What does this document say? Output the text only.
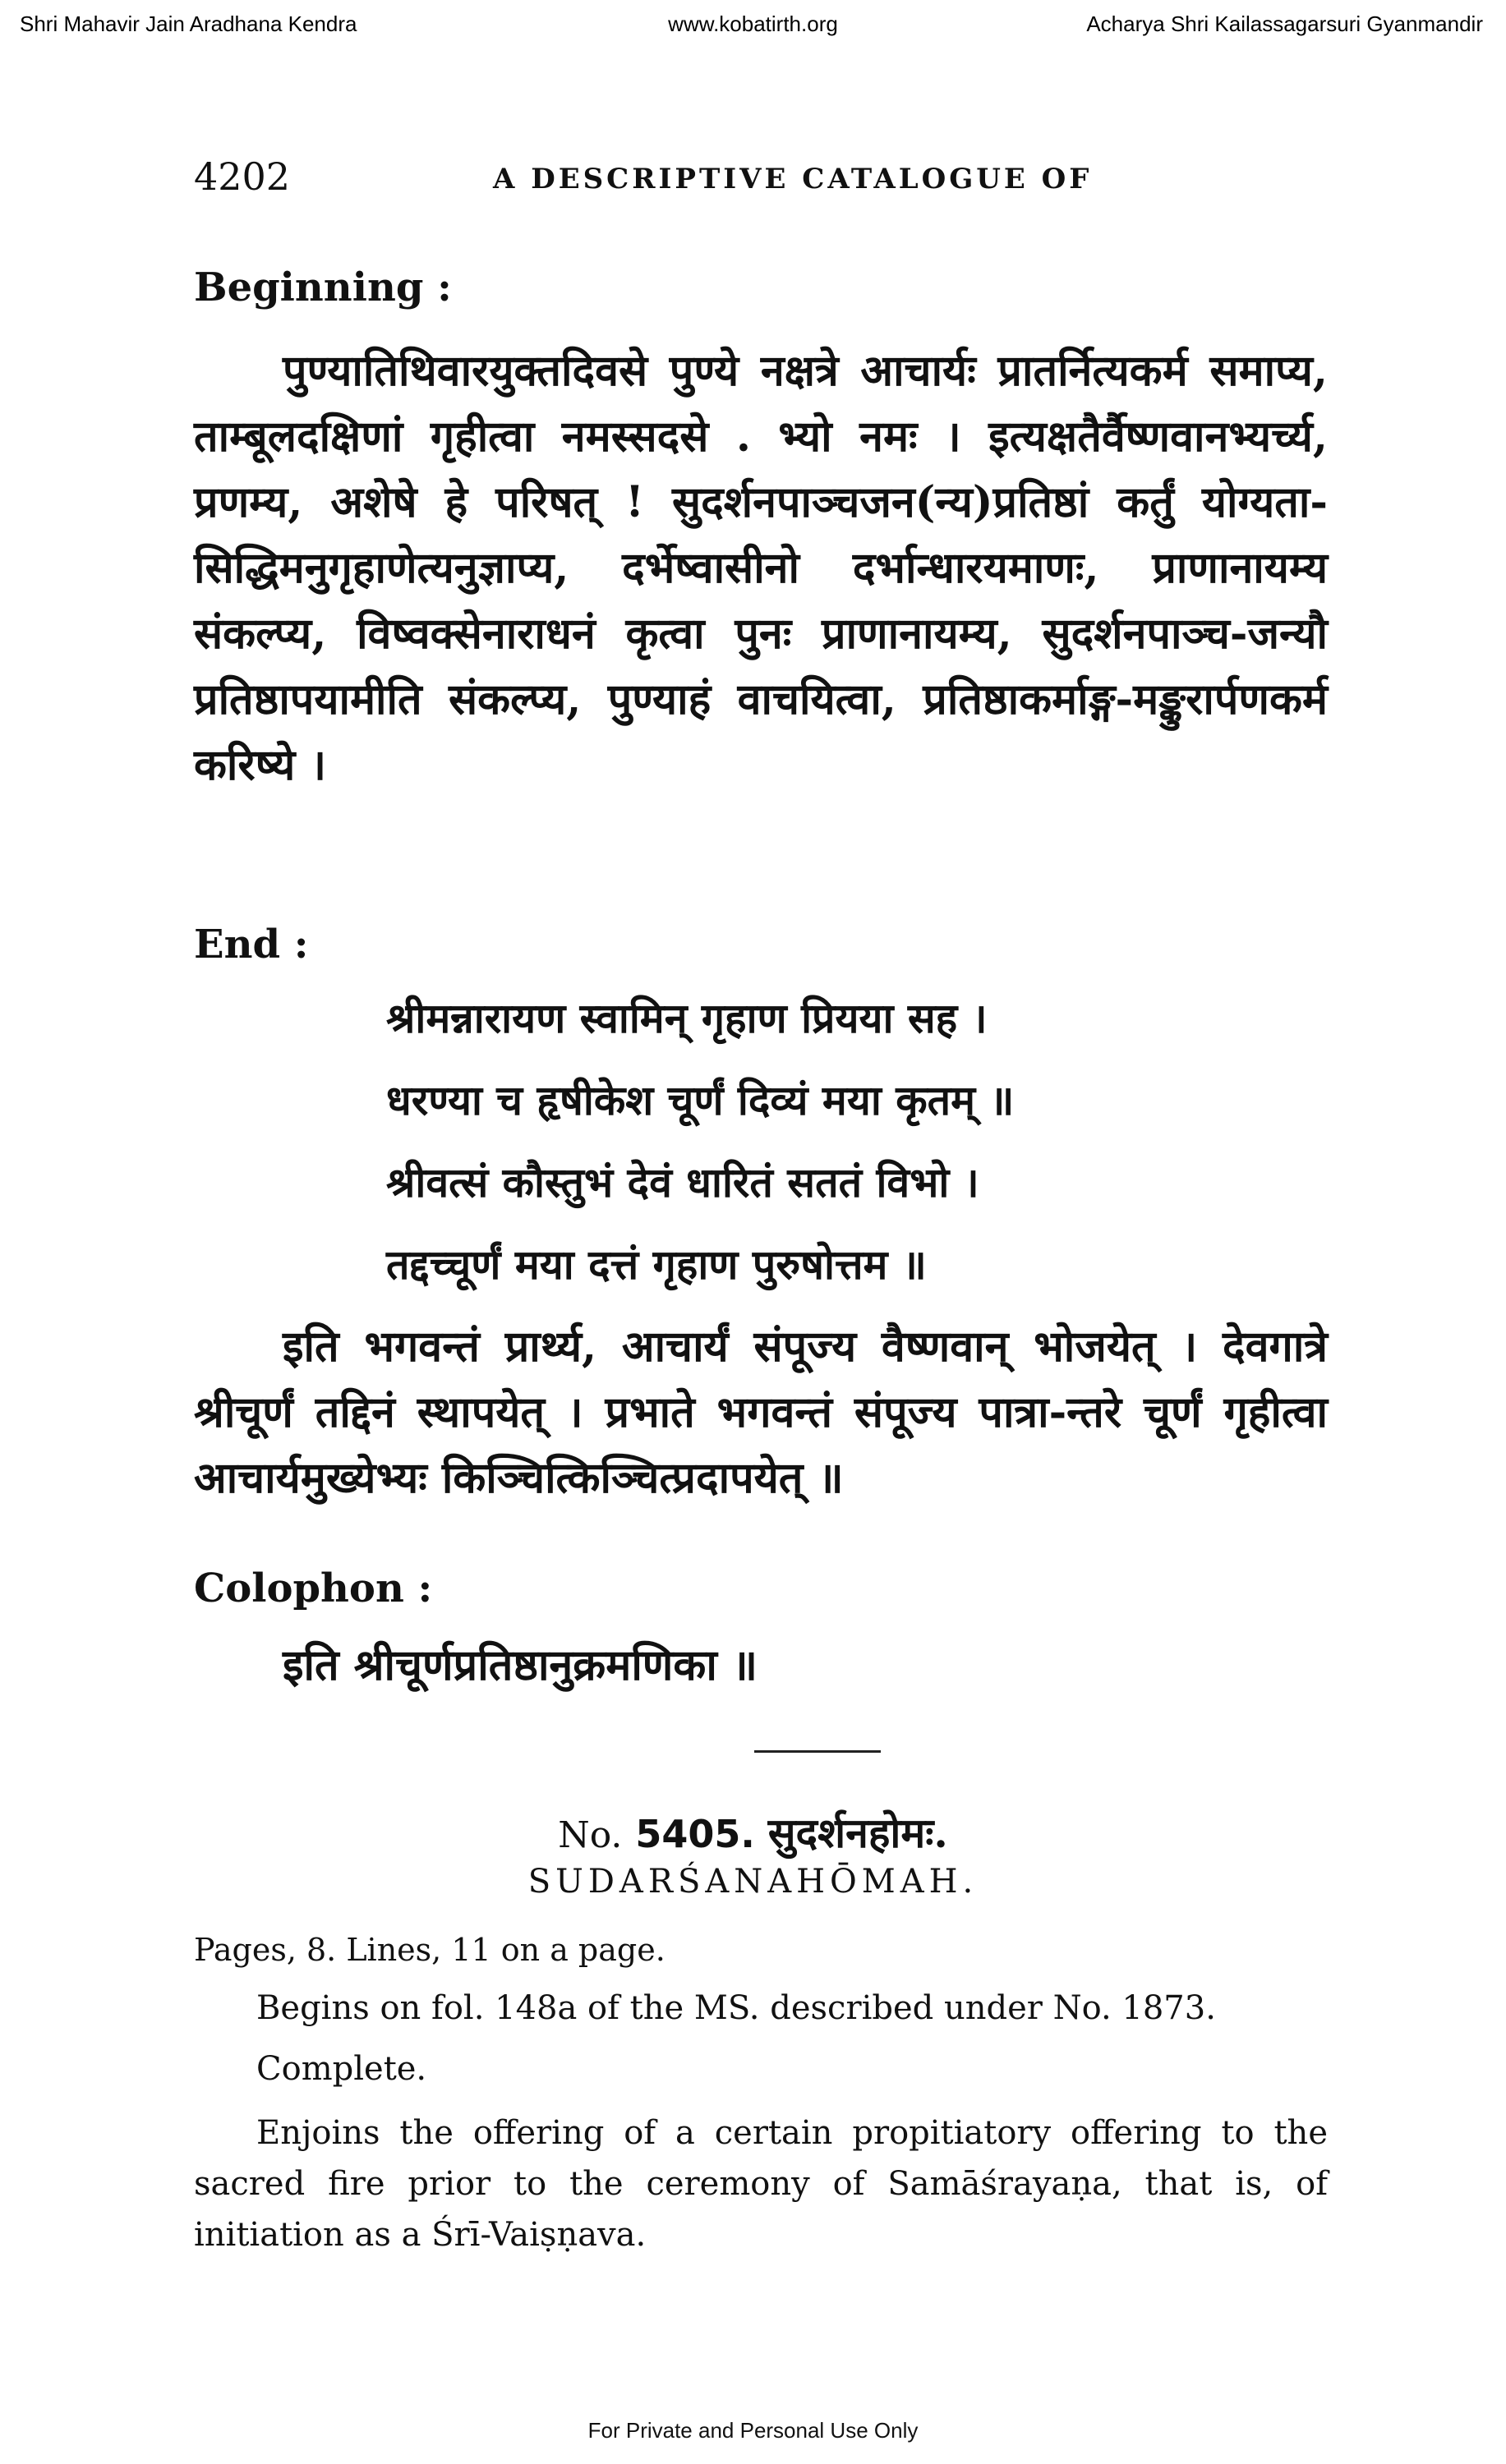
Shri Mahavir Jain Aradhana Kendra	www.kobatirth.org	Acharya Shri Kailassagarsuri Gyanmandir
4202	A DESCRIPTIVE CATALOGUE OF
Beginning :

पुण्यातिथिवारयुक्तदिवसे पुण्ये नक्षत्रे आचार्यः प्रातर्नित्यकर्म समाप्य, ताम्बूलदक्षिणां गृहीत्वा नमस्सदसे . भ्यो नमः । इत्यक्षतैर्वैष्णवानभ्यर्च्य, प्रणम्य, अशेषे हे परिषत् ! सुदर्शनपाञ्चजन(न्य)प्रतिष्ठां कर्तुं योग्यता-सिद्धिमनुगृहाणेत्यनुज्ञाप्य, दर्भेष्वासीनो दर्भान्धारयमाणः, प्राणानायम्य संकल्प्य, विष्वक्सेनाराधनं कृत्वा पुनः प्राणानायम्य, सुदर्शनपाञ्च-जन्यौ प्रतिष्ठापयामीति संकल्प्य, पुण्याहं वाचयित्वा, प्रतिष्ठाकर्माङ्ग-मङ्कुरार्पणकर्म करिष्ये ।

End :
श्रीमन्नारायण स्वामिन् गृहाण प्रियया सह ।
धरण्या च हृषीकेश चूर्णं दिव्यं मया कृतम् ॥
श्रीवत्सं कौस्तुभं देवं धारितं सततं विभो ।
तद्दच्चूर्णं मया दत्तं गृहाण पुरुषोत्तम ॥

इति भगवन्तं प्रार्थ्य, आचार्यं संपूज्य वैष्णवान् भोजयेत् । देवगात्रे श्रीचूर्णं तद्दिनं स्थापयेत् । प्रभाते भगवन्तं संपूज्य पात्रा-न्तरे चूर्णं गृहीत्वा आचार्यमुख्येभ्यः किञ्चित्किञ्चित्प्रदापयेत् ॥

Colophon :
इति श्रीचूर्णप्रतिष्ठानुक्रमणिका ॥
No. 5405. सुदर्शनहोमः.
SUDARŚANAHŌMAH.
Pages, 8. Lines, 11 on a page.
Begins on fol. 148a of the MS. described under No. 1873.
Complete.

Enjoins the offering of a certain propitiatory offering to the sacred fire prior to the ceremony of Samāśrayaṇa, that is, of initiation as a Śrī-Vaiṣṇava.

For Private and Personal Use Only
